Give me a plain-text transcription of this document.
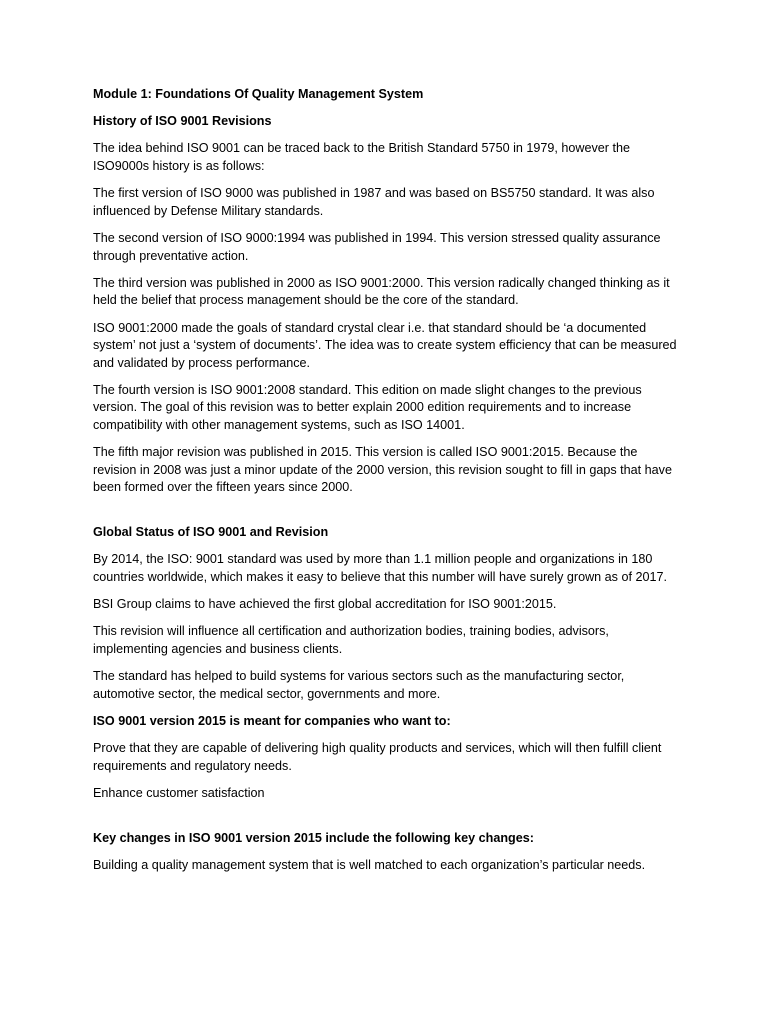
Module 1: Foundations Of Quality Management System

History of ISO 9001 Revisions

The idea behind ISO 9001 can be traced back to the British Standard 5750 in 1979, however the ISO9000s history is as follows:

The first version of ISO 9000 was published in 1987 and was based on BS5750 standard. It was also influenced by Defense Military standards.

The second version of ISO 9000:1994 was published in 1994. This version stressed quality assurance through preventative action.

The third version was published in 2000 as ISO 9001:2000. This version radically changed thinking as it held the belief that process management should be the core of the standard.

ISO 9001:2000 made the goals of standard crystal clear i.e. that standard should be ‘a documented system’ not just a ‘system of documents’. The idea was to create system efficiency that can be measured and validated by process performance.

The fourth version is ISO 9001:2008 standard. This edition on made slight changes to the previous version. The goal of this revision was to better explain 2000 edition requirements and to increase compatibility with other management systems, such as ISO 14001.

The fifth major revision was published in 2015. This version is called ISO 9001:2015. Because the revision in 2008 was just a minor update of the 2000 version, this revision sought to fill in gaps that have been formed over the fifteen years since 2000.

Global Status of ISO 9001 and Revision

By 2014, the ISO: 9001 standard was used by more than 1.1 million people and organizations in 180 countries worldwide, which makes it easy to believe that this number will have surely grown as of 2017.

BSI Group claims to have achieved the first global accreditation for ISO 9001:2015.

This revision will influence all certification and authorization bodies, training bodies, advisors, implementing agencies and business clients.

The standard has helped to build systems for various sectors such as the manufacturing sector, automotive sector, the medical sector, governments and more.

ISO 9001 version 2015 is meant for companies who want to:

Prove that they are capable of delivering high quality products and services, which will then fulfill client requirements and regulatory needs.

Enhance customer satisfaction

Key changes in ISO 9001 version 2015 include the following key changes:

Building a quality management system that is well matched to each organization’s particular needs.
